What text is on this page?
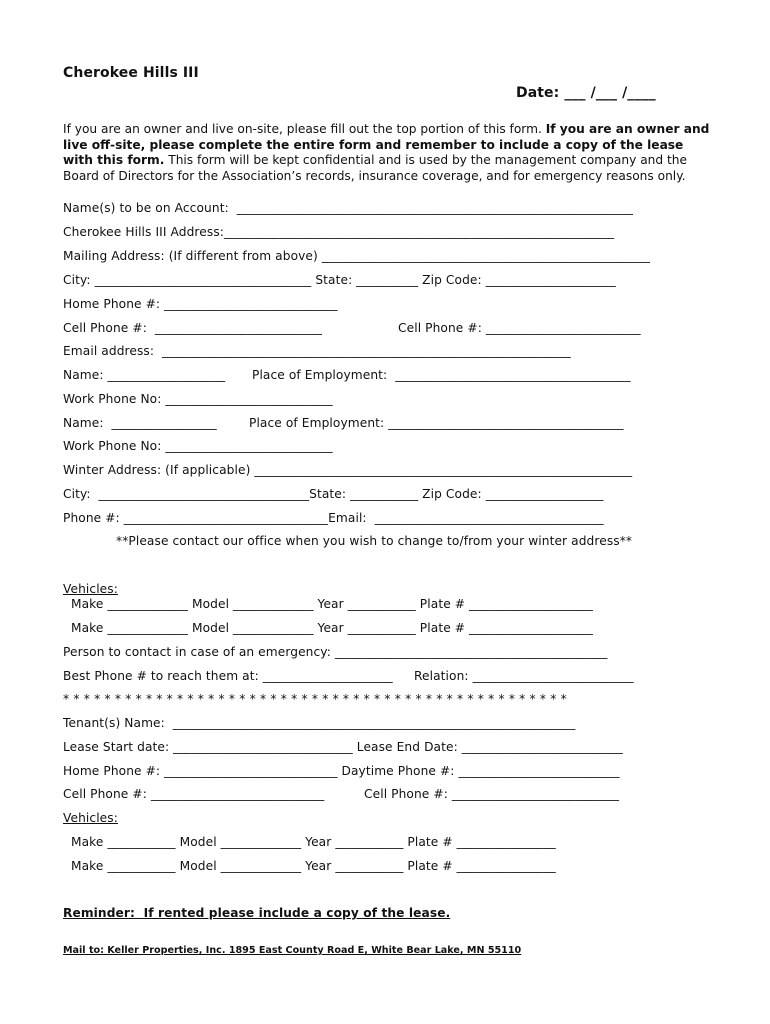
Cherokee Hills III
Date: ___ /___ /____
If you are an owner and live on-site, please fill out the top portion of this form. If you are an owner and live off-site, please complete the entire form and remember to include a copy of the lease with this form. This form will be kept confidential and is used by the management company and the Board of Directors for the Association’s records, insurance coverage, and for emergency reasons only.
Name(s) to be on Account:  ________________________________________________________________
Cherokee Hills III Address:_______________________________________________________________
Mailing Address: (If different from above) _____________________________________________________
City: ___________________________________ State: __________ Zip Code: _____________________
Home Phone #: ____________________________
Cell Phone #:  ___________________________	Cell Phone #: _________________________
Email address:  __________________________________________________________________
Name: ___________________ Place of Employment:  ______________________________________
Work Phone No: ___________________________
Name:  _________________	Place of Employment: ______________________________________
Work Phone No: ___________________________
Winter Address: (If applicable) _____________________________________________________________
City:  __________________________________State: ___________ Zip Code: ___________________
Phone #: _________________________________Email:  _____________________________________
**Please contact our office when you wish to change to/from your winter address**
Vehicles:
Make _____________ Model _____________ Year ___________ Plate # ____________________
Make _____________ Model _____________ Year ___________ Plate # ____________________
Person to contact in case of an emergency: ____________________________________________
Best Phone # to reach them at: _____________________ Relation: __________________________
* * * * * * * * * * * * * * * * * * * * * * * * * * * * * * * * * * * * * * * * * * * * * * * * *
Tenant(s) Name:  _________________________________________________________________
Lease Start date: _____________________________ Lease End Date: __________________________
Home Phone #: ____________________________ Daytime Phone #: __________________________
Cell Phone #: ____________________________	Cell Phone #: ___________________________
Vehicles:
Make ___________ Model _____________ Year ___________ Plate # ________________
Make ___________ Model _____________ Year ___________ Plate # ________________
Reminder:  If rented please include a copy of the lease.
Mail to: Keller Properties, Inc. 1895 East County Road E, White Bear Lake, MN 55110
